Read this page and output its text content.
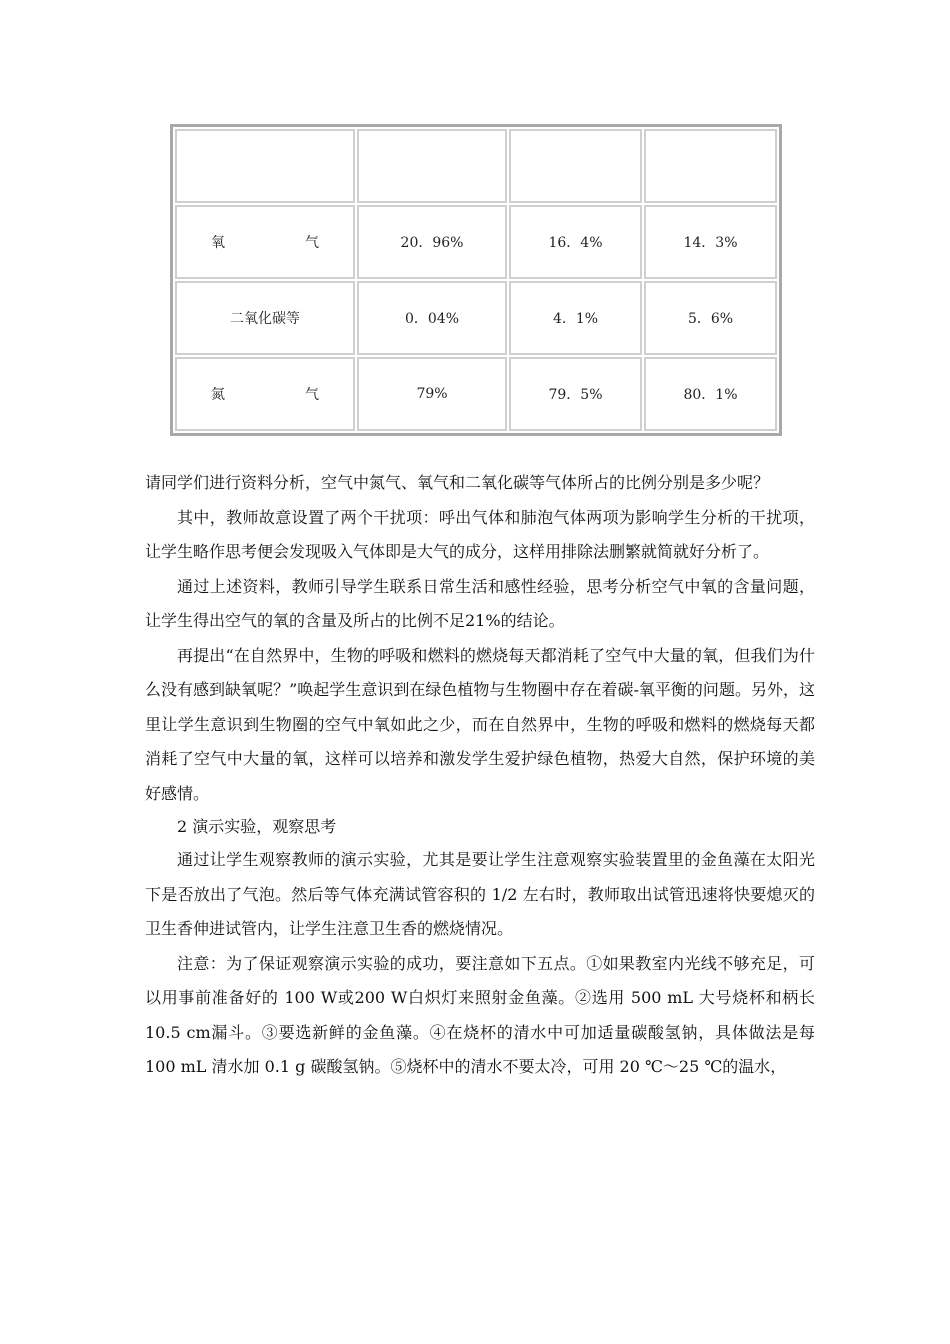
氧 气	20．96%	16．4%	14．3%
二氧化碳等	0．04%	4．1%	5．6%
氮 气	79%	79．5%	80．1%

请同学们进行资料分析，空气中氮气、氧气和二氧化碳等气体所占的比例分别是多少呢？

其中，教师故意设置了两个干扰项：呼出气体和肺泡气体两项为影响学生分析的干扰项，让学生略作思考便会发现吸入气体即是大气的成分，这样用排除法删繁就简就好分析了。

通过上述资料，教师引导学生联系日常生活和感性经验，思考分析空气中氧的含量问题，让学生得出空气的氧的含量及所占的比例不足21%的结论。

再提出“在自然界中，生物的呼吸和燃料的燃烧每天都消耗了空气中大量的氧，但我们为什么没有感到缺氧呢？”唤起学生意识到在绿色植物与生物圈中存在着碳-氧平衡的问题。另外，这里让学生意识到生物圈的空气中氧如此之少，而在自然界中，生物的呼吸和燃料的燃烧每天都消耗了空气中大量的氧，这样可以培养和激发学生爱护绿色植物，热爱大自然，保护环境的美好感情。

2 演示实验，观察思考

通过让学生观察教师的演示实验，尤其是要让学生注意观察实验装置里的金鱼藻在太阳光下是否放出了气泡。然后等气体充满试管容积的 1/2 左右时，教师取出试管迅速将快要熄灭的卫生香伸进试管内，让学生注意卫生香的燃烧情况。

注意：为了保证观察演示实验的成功，要注意如下五点。①如果教室内光线不够充足，可以用事前准备好的 100 W或200 W白炽灯来照射金鱼藻。②选用 500 mL 大号烧杯和柄长 10.5 cm漏斗。③要选新鲜的金鱼藻。④在烧杯的清水中可加适量碳酸氢钠，具体做法是每 100 mL 清水加 0.1 g 碳酸氢钠。⑤烧杯中的清水不要太冷，可用 20 ℃～25 ℃的温水，
